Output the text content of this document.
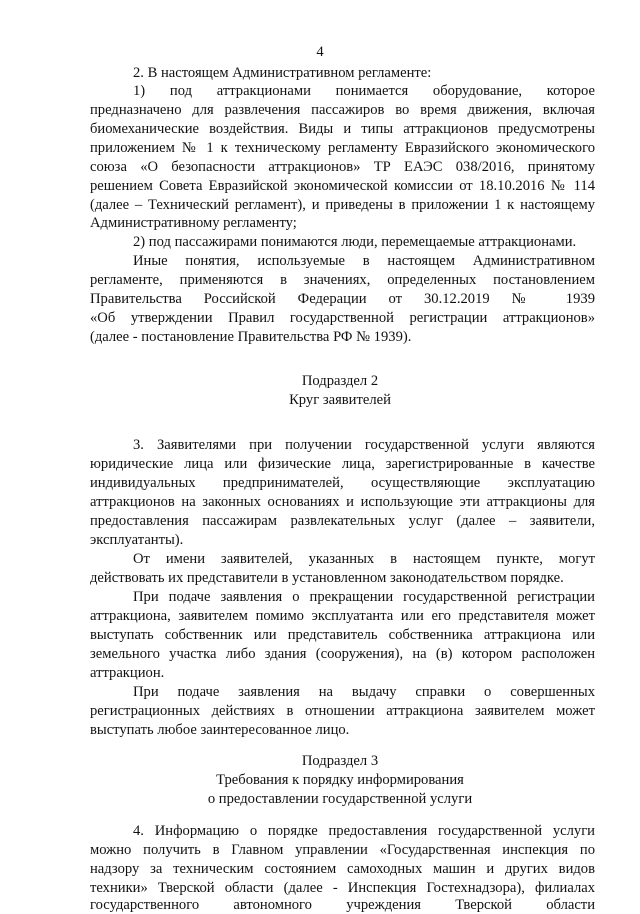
4
2. В настоящем Административном регламенте:
1) под аттракционами понимается оборудование, которое
предназначено для развлечения пассажиров во время движения, включая
биомеханические воздействия. Виды и типы аттракционов предусмотрены
приложением № 1 к техническому регламенту Евразийского экономического
союза «О безопасности аттракционов» ТР ЕАЭС 038/2016, принятому
решением Совета Евразийской экономической комиссии от 18.10.2016 № 114
(далее – Технический регламент), и приведены в приложении 1 к настоящему
Административному регламенту;
2) под пассажирами понимаются люди, перемещаемые аттракционами.
Иные понятия, используемые в настоящем Административном
регламенте, применяются в значениях, определенных постановлением
Правительства Российской Федерации от 30.12.2019 № 1939
«Об утверждении Правил государственной регистрации аттракционов»
(далее - постановление Правительства РФ № 1939).
Подраздел 2
Круг заявителей
3. Заявителями при получении государственной услуги являются
юридические лица или физические лица, зарегистрированные в качестве
индивидуальных предпринимателей, осуществляющие эксплуатацию
аттракционов на законных основаниях и использующие эти аттракционы для
предоставления пассажирам развлекательных услуг (далее – заявители,
эксплуатанты).
От имени заявителей, указанных в настоящем пункте, могут
действовать их представители в установленном законодательством порядке.
При подаче заявления о прекращении государственной регистрации
аттракциона, заявителем помимо эксплуатанта или его представителя может
выступать собственник или представитель собственника аттракциона или
земельного участка либо здания (сооружения), на (в) котором расположен
аттракцион.
При подаче заявления на выдачу справки о совершенных
регистрационных действиях в отношении аттракциона заявителем может
выступать любое заинтересованное лицо.
Подраздел 3
Требования к порядку информирования
о предоставлении государственной услуги
4. Информацию о порядке предоставления государственной услуги
можно получить в Главном управлении «Государственная инспекция по
надзору за техническим состоянием самоходных машин и других видов
техники» Тверской области (далее - Инспекция Гостехнадзора), филиалах
государственного автономного учреждения Тверской области
